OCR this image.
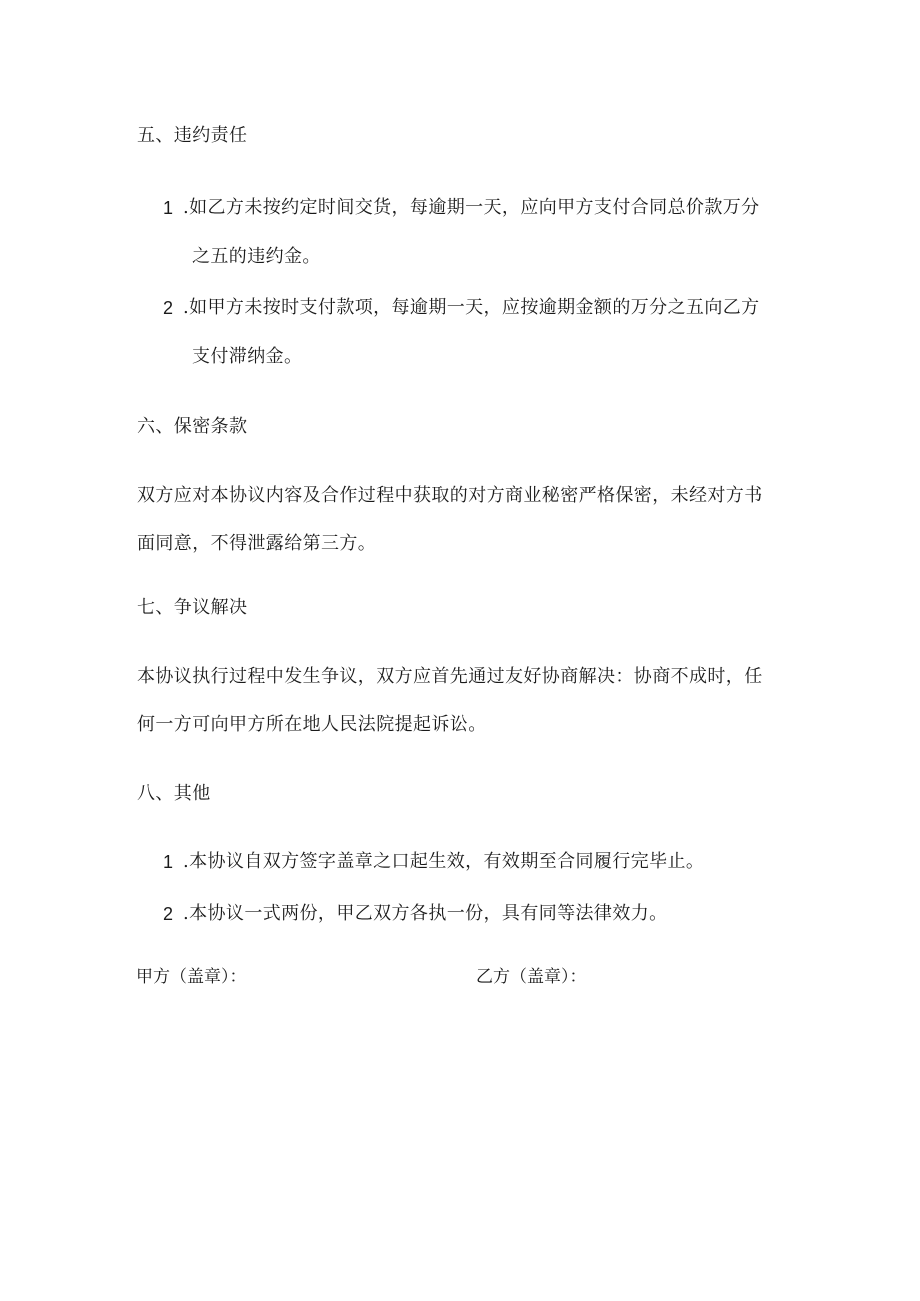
五、违约责任
1 .如乙方未按约定时间交货，每逾期一天，应向甲方支付合同总价款万分
之五的违约金。
2 .如甲方未按时支付款项，每逾期一天，应按逾期金额的万分之五向乙方
支付滞纳金。
六、保密条款
双方应对本协议内容及合作过程中获取的对方商业秘密严格保密，未经对方书
面同意，不得泄露给第三方。
七、争议解决
本协议执行过程中发生争议，双方应首先通过友好协商解决：协商不成时，任
何一方可向甲方所在地人民法院提起诉讼。
八、其他
1 .本协议自双方签字盖章之口起生效，有效期至合同履行完毕止。
2 .本协议一式两份，甲乙双方各执一份，具有同等法律效力。
甲方（盖章）：	乙方（盖章）：
